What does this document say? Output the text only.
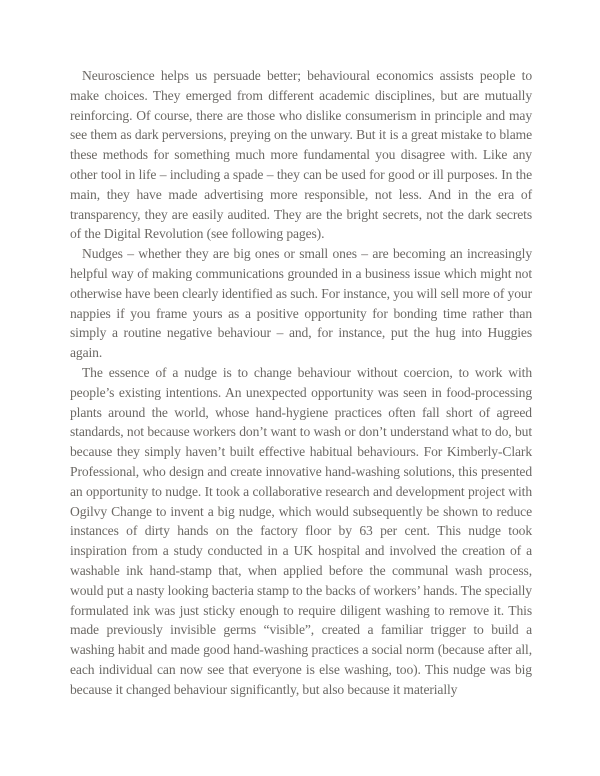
Neuroscience helps us persuade better; behavioural economics assists people to make choices. They emerged from different academic disciplines, but are mutually reinforcing. Of course, there are those who dislike consumerism in principle and may see them as dark perversions, preying on the unwary. But it is a great mistake to blame these methods for something much more fundamental you disagree with. Like any other tool in life – including a spade – they can be used for good or ill purposes. In the main, they have made advertising more responsible, not less. And in the era of transparency, they are easily audited. They are the bright secrets, not the dark secrets of the Digital Revolution (see following pages).

Nudges – whether they are big ones or small ones – are becoming an increasingly helpful way of making communications grounded in a business issue which might not otherwise have been clearly identified as such. For instance, you will sell more of your nappies if you frame yours as a positive opportunity for bonding time rather than simply a routine negative behaviour – and, for instance, put the hug into Huggies again.

The essence of a nudge is to change behaviour without coercion, to work with people’s existing intentions. An unexpected opportunity was seen in food-processing plants around the world, whose hand-hygiene practices often fall short of agreed standards, not because workers don’t want to wash or don’t understand what to do, but because they simply haven’t built effective habitual behaviours. For Kimberly-Clark Professional, who design and create innovative hand-washing solutions, this presented an opportunity to nudge. It took a collaborative research and development project with Ogilvy Change to invent a big nudge, which would subsequently be shown to reduce instances of dirty hands on the factory floor by 63 per cent. This nudge took inspiration from a study conducted in a UK hospital and involved the creation of a washable ink hand-stamp that, when applied before the communal wash process, would put a nasty looking bacteria stamp to the backs of workers’ hands. The specially formulated ink was just sticky enough to require diligent washing to remove it. This made previously invisible germs “visible”, created a familiar trigger to build a washing habit and made good hand-washing practices a social norm (because after all, each individual can now see that everyone is else washing, too). This nudge was big because it changed behaviour significantly, but also because it materially
